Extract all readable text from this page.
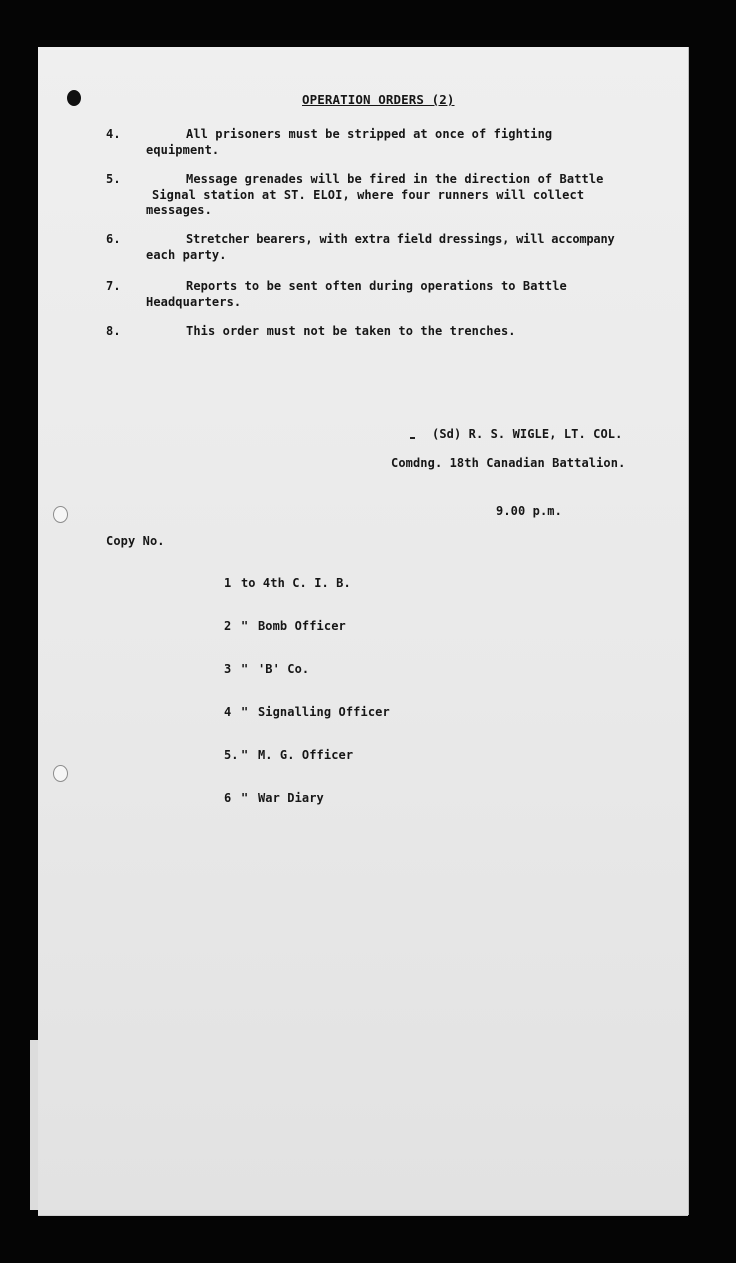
OPERATION ORDERS (2)

4.

	All prisoners must be stripped at once of fighting

equipment.

5.

	Message grenades will be fired in the direction of Battle

Signal station at ST. ELOI, where four runners will collect

messages.

6.

	Stretcher bearers, with extra field dressings, will accompany

each party.

7.

	Reports to be sent often during operations to Battle

Headquarters.

8.

	This order must not be taken to the trenches.

(Sd) R. S. WIGLE, LT. COL.
Comdng. 18th Canadian Battalion.
9.00 p.m.
Copy No.

1 to 4th C. I. B.

2 " Bomb Officer

3 " 'B' Co.

4 " Signalling Officer

5. " M. G. Officer

6 " War Diary
